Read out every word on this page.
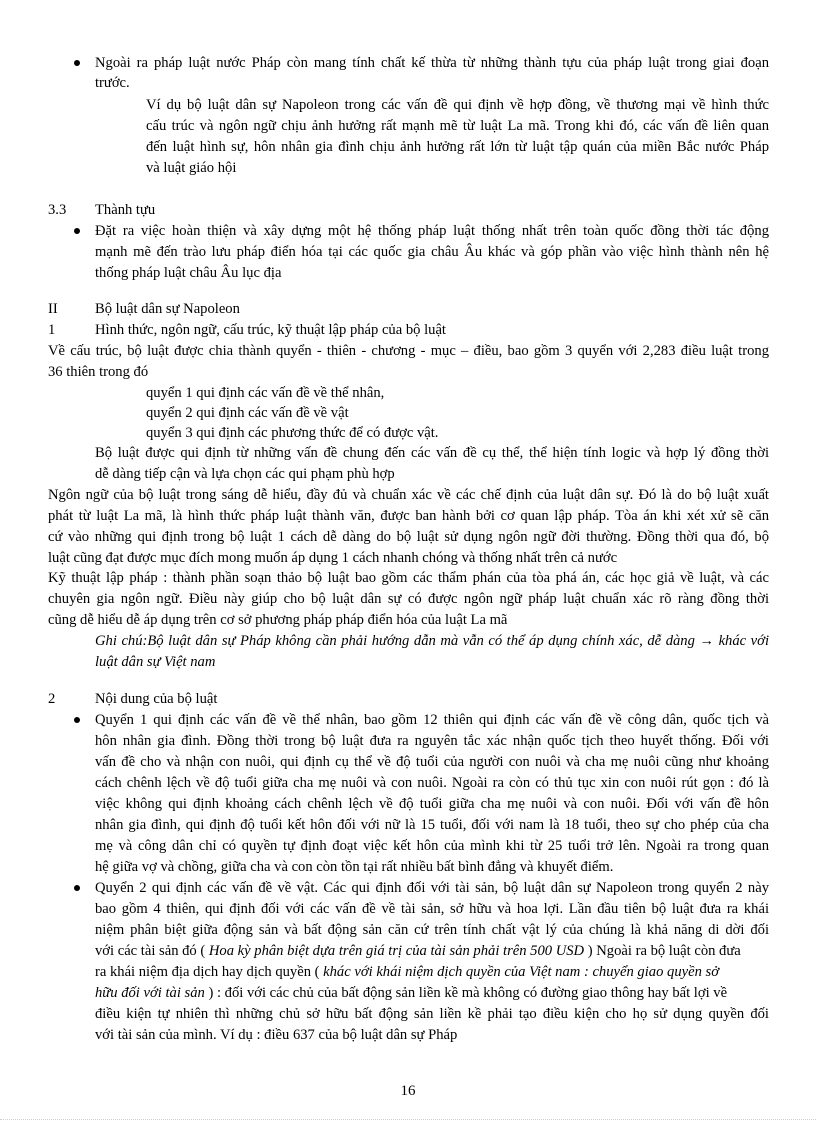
Ngoài ra pháp luật nước Pháp còn mang tính chất kế thừa từ những thành tựu của pháp luật trong giai đoạn
trước.
Ví dụ bộ luật dân sự Napoleon trong các vấn đề qui định về hợp đồng, về thương mại về hình thức
cấu trúc và ngôn ngữ chịu ảnh hưởng rất mạnh mẽ từ luật La mã. Trong khi đó, các vấn đề liên quan
đến luật hình sự, hôn nhân gia đình chịu ảnh hưởng rất lớn từ luật tập quán của miền Bắc nước Pháp
và luật giáo hội
3.3 Thành tựu
Đặt ra việc hoàn thiện và xây dựng một hệ thống pháp luật thống nhất trên toàn quốc đồng thời tác động
mạnh mẽ đến trào lưu pháp điển hóa tại các quốc gia châu Âu khác và góp phần vào việc hình thành nên hệ
thống pháp luật châu Âu lục địa
II	Bộ luật dân sự Napoleon
1	Hình thức, ngôn ngữ, cấu trúc, kỹ thuật lập pháp của bộ luật
Về cấu trúc, bộ luật được chia thành quyển - thiên - chương - mục – điều, bao gồm 3 quyển với 2,283 điều luật trong
36 thiên trong đó
quyển 1 qui định các vấn đề về thể nhân,
quyển 2 qui định các vấn đề về vật
quyển 3 qui định các phương thức để có được vật.
Bộ luật được qui định từ những vấn đề chung đến các vấn đề cụ thể, thể hiện tính logic và hợp lý đồng thời
dễ dàng tiếp cận và lựa chọn các qui phạm phù hợp
Ngôn ngữ của bộ luật trong sáng dễ hiểu, đầy đủ và chuẩn xác về các chế định của luật dân sự. Đó là do bộ luật xuất
phát từ luật La mã, là hình thức pháp luật thành văn, được ban hành bởi cơ quan lập pháp. Tòa án khi xét xử sẽ căn
cứ vào những qui định trong bộ luật 1 cách dễ dàng do bộ luật sử dụng ngôn ngữ đời thường. Đồng thời qua đó, bộ
luật cũng đạt được mục đích mong muốn áp dụng 1 cách nhanh chóng và thống nhất trên cả nước
Kỹ thuật lập pháp : thành phần soạn thảo bộ luật bao gồm các thẩm phán của tòa phá án, các học giả về luật, và các
chuyên gia ngôn ngữ. Điều này giúp cho bộ luật dân sự có được ngôn ngữ pháp luật chuẩn xác rõ ràng đồng thời
cũng dễ hiểu dễ áp dụng trên cơ sở phương pháp pháp điển hóa của luật La mã
Ghi chú:Bộ luật dân sự Pháp không cần phải hướng dẫn mà vẫn có thể áp dụng chính xác, dễ dàng → khác với
luật dân sự Việt nam
2	Nội dung của bộ luật
Quyển 1 qui định các vấn đề về thể nhân, bao gồm 12 thiên qui định các vấn đề về công dân, quốc tịch và
hôn nhân gia đình. Đồng thời trong bộ luật đưa ra nguyên tắc xác nhận quốc tịch theo huyết thống. Đối với
vấn đề cho và nhận con nuôi, qui định cụ thể về độ tuổi của người con nuôi và cha mẹ nuôi cũng như khoảng
cách chênh lệch về độ tuổi giữa cha mẹ nuôi và con nuôi. Ngoài ra còn có thủ tục xin con nuôi rút gọn : đó là
việc không qui định khoảng cách chênh lệch về độ tuổi giữa cha mẹ nuôi và con nuôi. Đối với vấn đề hôn
nhân gia đình, qui định độ tuổi kết hôn đối với nữ là 15 tuổi, đối với nam là 18 tuổi, theo sự cho phép của cha
mẹ và công dân chỉ có quyền tự định đoạt việc kết hôn của mình khi từ 25 tuổi trở lên. Ngoài ra trong quan
hệ giữa vợ và chồng, giữa cha và con còn tồn tại rất nhiều bất bình đẳng và khuyết điểm.
Quyển 2 qui định các vấn đề về vật. Các qui định đối với tài sản, bộ luật dân sự Napoleon trong quyển 2 này
bao gồm 4 thiên, qui định đối với các vấn đề về tài sản, sở hữu và hoa lợi. Lần đầu tiên bộ luật đưa ra khái
niệm phân biệt giữa động sản và bất động sản căn cứ trên tính chất vật lý của chúng là khả năng di dời đối
với các tài sản đó ( Hoa kỳ phân biệt dựa trên giá trị của tài sản phải trên 500 USD ) Ngoài ra bộ luật còn đưa
ra khái niệm địa dịch hay dịch quyền ( khác với khái niệm dịch quyền của Việt nam : chuyển giao quyền sở
hữu đối với tài sản ) : đối với các chủ của bất động sản liền kề mà không có đường giao thông hay bất lợi về
điều kiện tự nhiên thì những chủ sở hữu bất động sản liền kề phải tạo điều kiện cho họ sử dụng quyền đối
với tài sản của mình. Ví dụ : điều 637 của bộ luật dân sự Pháp
16
